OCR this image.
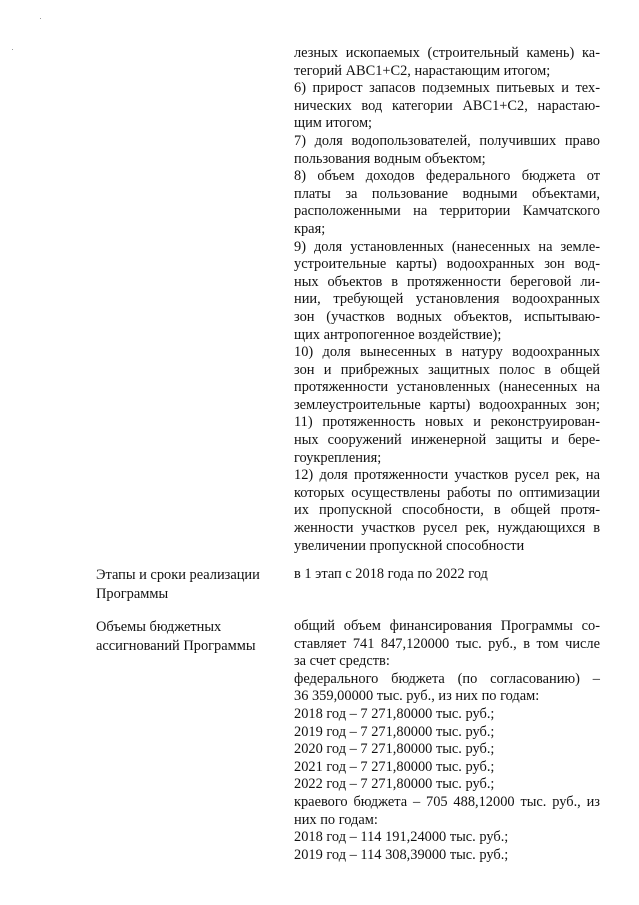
лезных ископаемых (строительный камень) ка-
тегорий АВС1+С2, нарастающим итогом;
6) прирост запасов подземных питьевых и тех-
нических вод категории АВС1+С2, нарастаю-
щим итогом;
7) доля водопользователей, получивших право
пользования водным объектом;
8) объем доходов федерального бюджета от
платы за пользование водными объектами,
расположенными на территории Камчатского
края;
9) доля установленных (нанесенных на земле-
устроительные карты) водоохранных зон вод-
ных объектов в протяженности береговой ли-
нии, требующей установления водоохранных
зон (участков водных объектов, испытываю-
щих антропогенное воздействие);
10) доля вынесенных в натуру водоохранных
зон и прибрежных защитных полос в общей
протяженности установленных (нанесенных на
землеустроительные карты) водоохранных зон;
11) протяженность новых и реконструирован-
ных сооружений инженерной защиты и бере-
гоукрепления;
12) доля протяженности участков русел рек, на
которых осуществлены работы по оптимизации
их пропускной способности, в общей протя-
женности участков русел рек, нуждающихся в
увеличении пропускной способности
Этапы и сроки реализации
Программы
в 1 этап с 2018 года по 2022 год
Объемы бюджетных
ассигнований Программы
общий объем финансирования Программы со-
ставляет 741 847,120000 тыс. руб., в том числе
за счет средств:
федерального бюджета (по согласованию) –
36 359,00000 тыс. руб., из них по годам:
2018 год – 7 271,80000 тыс. руб.;
2019 год – 7 271,80000 тыс. руб.;
2020 год – 7 271,80000 тыс. руб.;
2021 год – 7 271,80000 тыс. руб.;
2022 год – 7 271,80000 тыс. руб.;
краевого бюджета – 705 488,12000 тыс. руб., из
них по годам:
2018 год – 114 191,24000 тыс. руб.;
2019 год – 114 308,39000 тыс. руб.;
